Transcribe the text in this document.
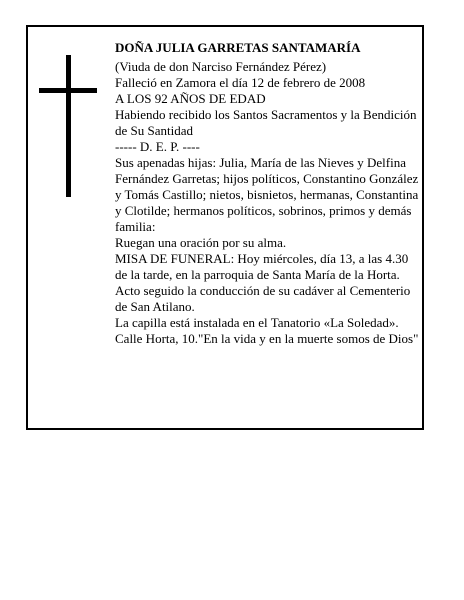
DOÑA JULIA GARRETAS SANTAMARÍA

(Viuda de don Narciso Fernández Pérez)

Falleció en Zamora el día 12 de febrero de 2008

A LOS 92 AÑOS DE EDAD

Habiendo recibido los Santos Sacramentos y la Bendición de Su Santidad

----- D. E. P. ----

Sus apenadas hijas: Julia, María de las Nieves y Delfina Fernández Garretas; hijos políticos, Constantino González y Tomás Castillo; nietos, bisnietos, hermanas, Constantina y Clotilde; hermanos políticos, sobrinos, primos y demás familia:

Ruegan una oración por su alma.

MISA DE FUNERAL: Hoy miércoles, día 13, a las 4.30 de la tarde, en la parroquia de Santa María de la Horta. Acto seguido la conducción de su cadáver al Cementerio de San Atilano.

La capilla está instalada en el Tanatorio «La Soledad». Calle Horta, 10."En la vida y en la muerte somos de Dios"
